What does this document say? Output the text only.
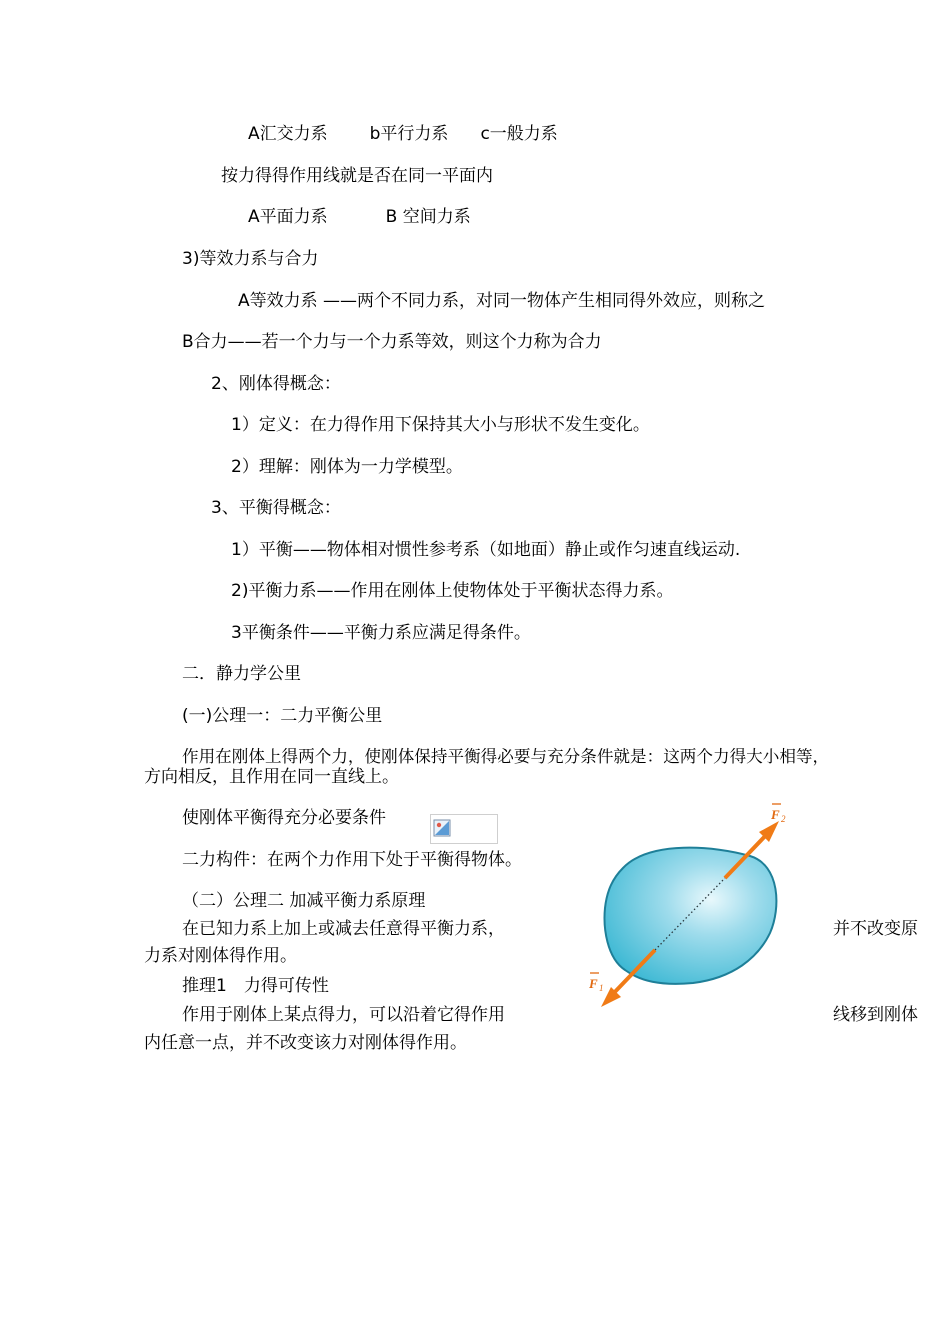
A汇交力系 b平行力系 c一般力系
按力得得作用线就是否在同一平面内
A平面力系	B 空间力系
3)等效力系与合力
A等效力系 ——两个不同力系，对同一物体产生相同得外效应，则称之
B合力——若一个力与一个力系等效，则这个力称为合力
2、刚体得概念：
1）定义：在力得作用下保持其大小与形状不发生变化。
2）理解：刚体为一力学模型。
3、平衡得概念：
1）平衡——物体相对惯性参考系（如地面）静止或作匀速直线运动.
2)平衡力系——作用在刚体上使物体处于平衡状态得力系。
3平衡条件——平衡力系应满足得条件。
二．静力学公里
(一)公理一：二力平衡公里
作用在刚体上得两个力，使刚体保持平衡得必要与充分条件就是：这两个力得大小相等，
方向相反，且作用在同一直线上。
使刚体平衡得充分必要条件
二力构件：在两个力作用下处于平衡得物体。
（二）公理二 加减平衡力系原理
在已知力系上加上或减去任意得平衡力系，	并不改变原
力系对刚体得作用。
推理1　力得可传性
作用于刚体上某点得力，可以沿着它得作用	线移到刚体
内任意一点，并不改变该力对刚体得作用。
F 2
F 1
